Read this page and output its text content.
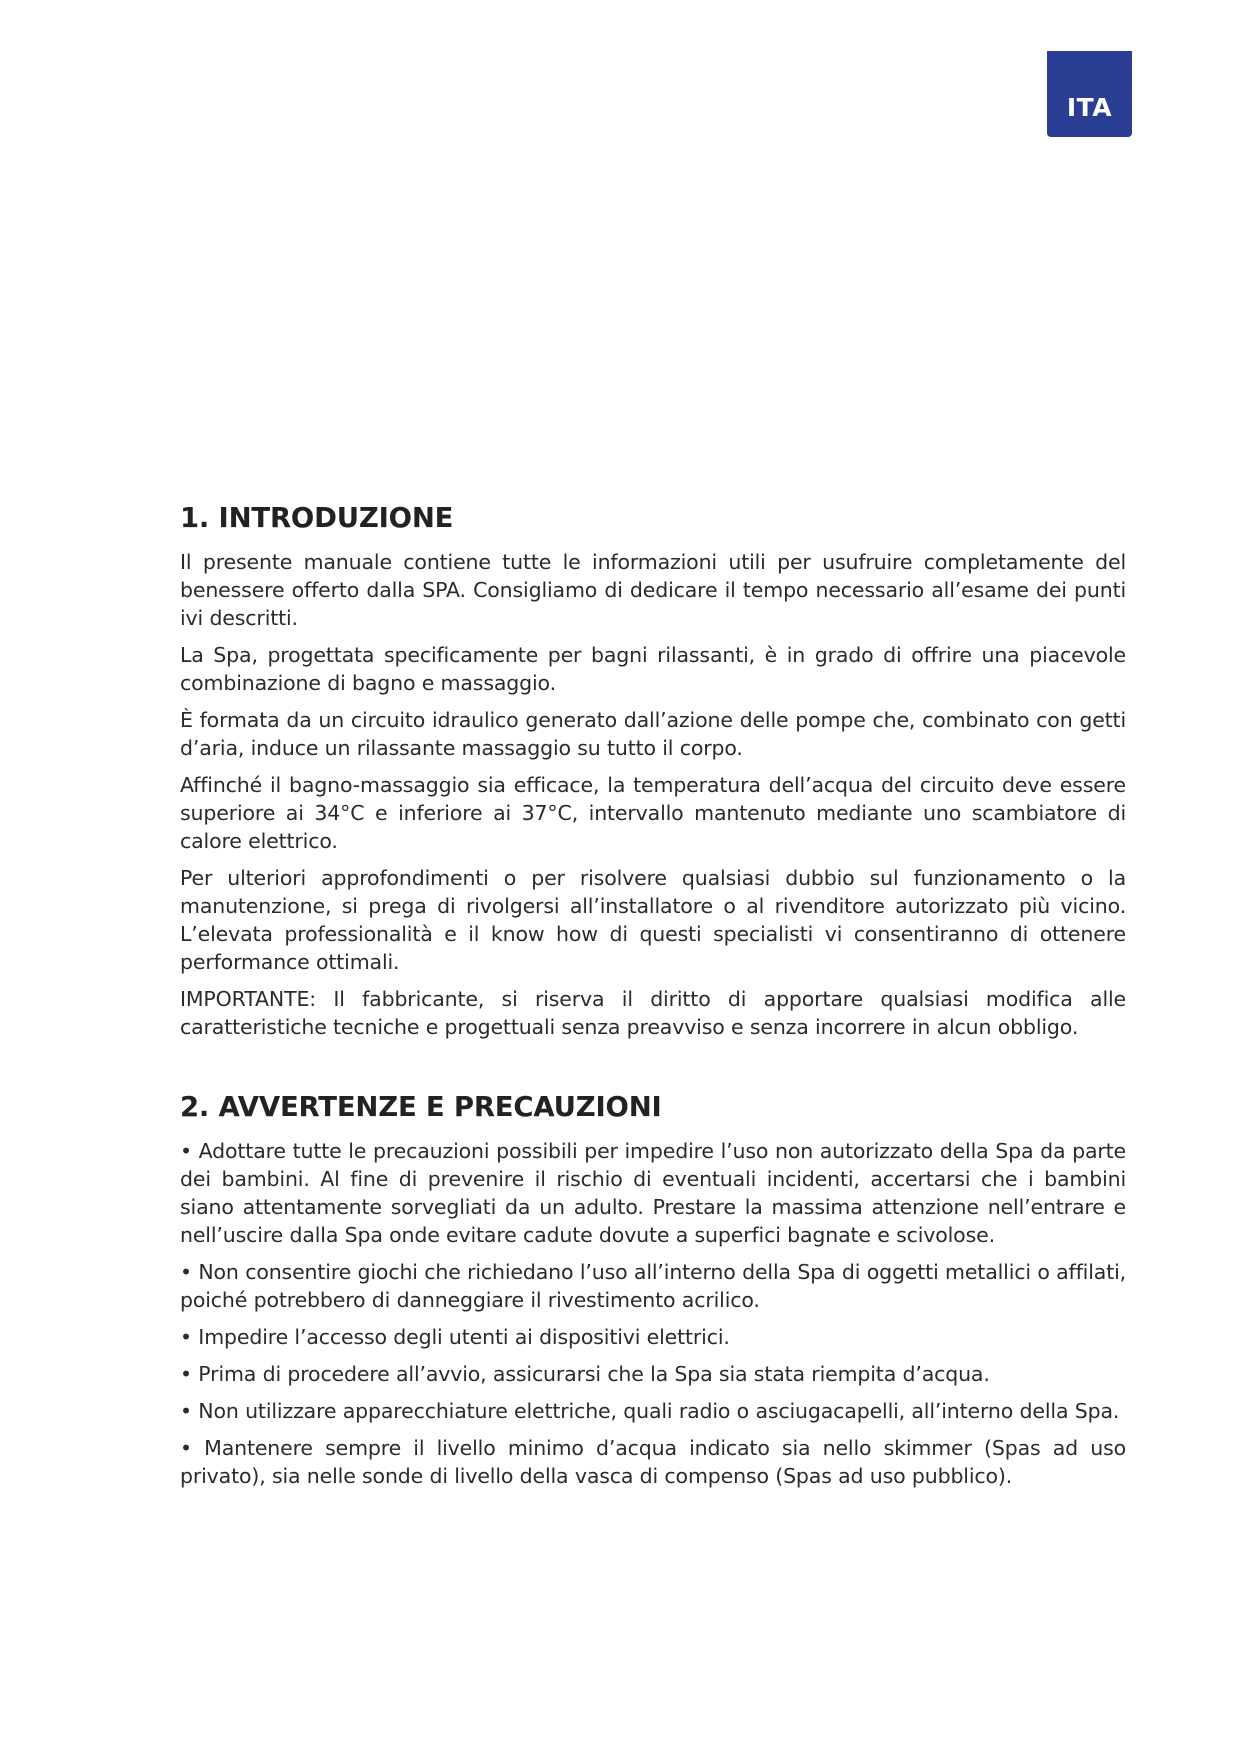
ITA
1. INTRODUZIONE

Il presente manuale contiene tutte le informazioni utili per usufruire completamente del benessere offerto dalla SPA. Consigliamo di dedicare il tempo necessario all’esame dei punti ivi descritti.

La Spa, progettata specificamente per bagni rilassanti, è in grado di offrire una piacevole combinazione di bagno e massaggio.

È formata da un circuito idraulico generato dall’azione delle pompe che, combinato con getti d’aria, induce un rilassante massaggio su tutto il corpo.

Affinché il bagno-massaggio sia efficace, la temperatura dell’acqua del circuito deve essere superiore ai 34°C e inferiore ai 37°C, intervallo mantenuto mediante uno scambiatore di calore elettrico.

Per ulteriori approfondimenti o per risolvere qualsiasi dubbio sul funzionamento o la manutenzione, si prega di rivolgersi all’installatore o al rivenditore autorizzato più vicino. L’elevata professionalità e il know how di questi specialisti vi consentiranno di ottenere performance ottimali.

IMPORTANTE: Il fabbricante, si riserva il diritto di apportare qualsiasi modifica alle caratteristiche tecniche e progettuali senza preavviso e senza incorrere in alcun obbligo.

2. AVVERTENZE E PRECAUZIONI

• Adottare tutte le precauzioni possibili per impedire l’uso non autorizzato della Spa da parte dei bambini. Al fine di prevenire il rischio di eventuali incidenti, accertarsi che i bambini siano attentamente sorvegliati da un adulto. Prestare la massima attenzione nell’entrare e nell’uscire dalla Spa onde evitare cadute dovute a superfici bagnate e scivolose.

• Non consentire giochi che richiedano l’uso all’interno della Spa di oggetti metallici o affilati, poiché potrebbero di danneggiare il rivestimento acrilico.

• Impedire l’accesso degli utenti ai dispositivi elettrici.

• Prima di procedere all’avvio, assicurarsi che la Spa sia stata riempita d’acqua.

• Non utilizzare apparecchiature elettriche, quali radio o asciugacapelli, all’interno della Spa.

• Mantenere sempre il livello minimo d’acqua indicato sia nello skimmer (Spas ad uso privato), sia nelle sonde di livello della vasca di compenso (Spas ad uso pubblico).
